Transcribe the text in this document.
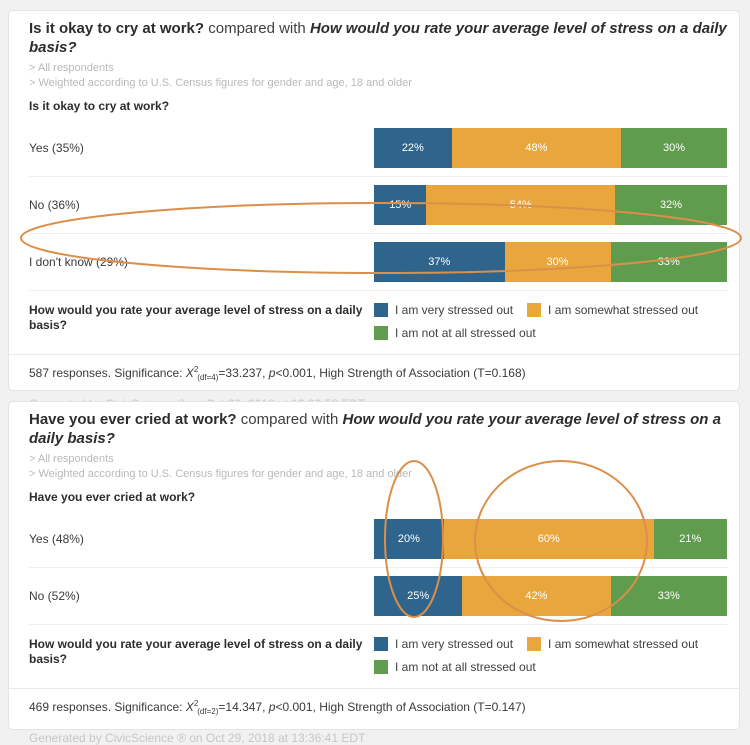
Is it okay to cry at work? compared with How would you rate your average level of stress on a daily basis?
> All respondents
> Weighted according to U.S. Census figures for gender and age, 18 and older
Is it okay to cry at work?
Yes (35%)	22%	48%	30%
No (36%)	15%	54%	32%
I don't know (29%)	37%	30%	33%
How would you rate your average level of stress on a daily basis?
I am very stressed out	I am somewhat stressed out
I am not at all stressed out
587 responses. Significance: $X^2_{(df=4)}=33.237$, p<0.001, High Strength of Association (T=0.168)
Have you ever cried at work? compared with How would you rate your average level of stress on a daily basis?
> All respondents
> Weighted according to U.S. Census figures for gender and age, 18 and older
Have you ever cried at work?
Yes (48%)	20%	60%	21%
No (52%)	25%	42%	33%
How would you rate your average level of stress on a daily basis?
I am very stressed out	I am somewhat stressed out
I am not at all stressed out
469 responses. Significance: $X^2_{(df=2)}=14.347$, p<0.001, High Strength of Association (T=0.147)
Generated by CivicScience ® on Oct 29, 2018 at 13:36:41 EDT
